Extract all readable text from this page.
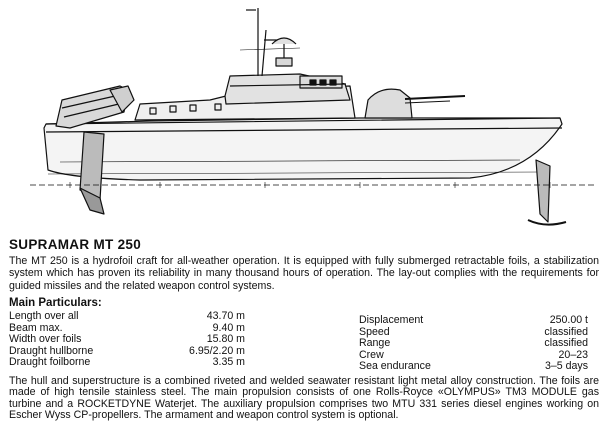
SUPRAMAR MT 250
The MT 250 is a hydrofoil craft for all-weather operation. It is equipped with fully submerged retractable foils, a stabilization system which has proven its reliability in many thousand hours of operation. The lay-out complies with the requirements for guided missiles and the related weapon control systems.
Main Particulars:
Length over all	43.70 m
Beam max.	9.40 m
Width over foils	15.80 m
Draught hullborne	6.95/2.20 m
Draught foilborne	3.35 m
Displacement	250.00 t
Speed	classified
Range	classified
Crew	20–23
Sea endurance	3–5 days
The hull and superstructure is a combined riveted and welded seawater resistant light metal alloy construction. The foils are made of high tensile stainless steel. The main propulsion consists of one Rolls-Royce «OLYMPUS» TM3 MODULE gas turbine and a ROCKETDYNE Waterjet. The auxiliary propulsion comprises two MTU 331 series diesel engines working on Escher Wyss CP-propellers. The armament and weapon control system is optional.
